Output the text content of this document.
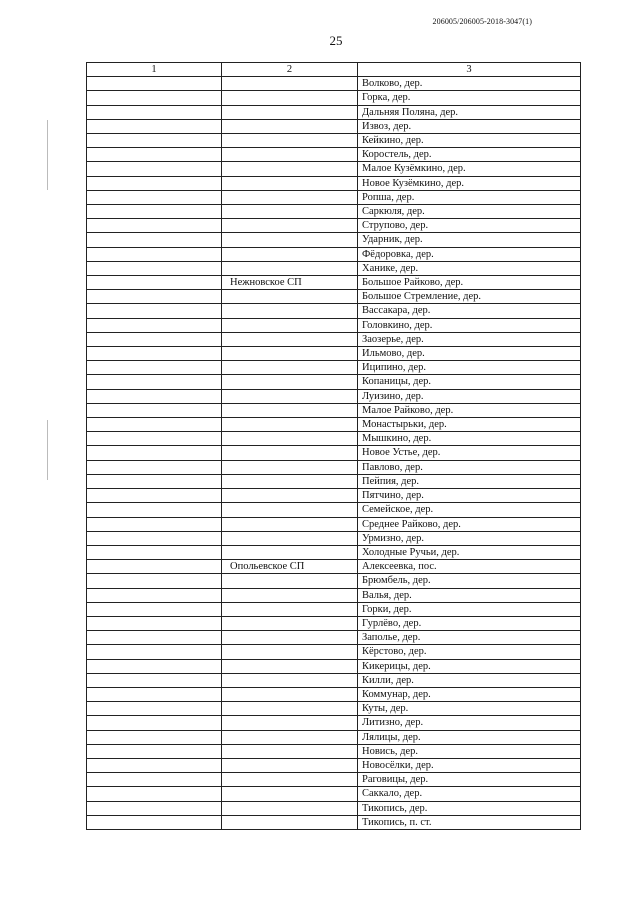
206005/206005-2018-3047(1)
25
1	2	3
		Волково, дер.
		Горка, дер.
		Дальняя Поляна, дер.
		Извоз, дер.
		Кейкино, дер.
		Коростель, дер.
		Малое Кузёмкино, дер.
		Новое Кузёмкино, дер.
		Ропша, дер.
		Саркюля, дер.
		Струпово, дер.
		Ударник, дер.
		Фёдоровка, дер.
		Ханике, дер.
	Нежновское СП	Большое Райково, дер.
		Большое Стремление, дер.
		Вассакара, дер.
		Головкино, дер.
		Заозерье, дер.
		Ильмово, дер.
		Иципино, дер.
		Копаницы, дер.
		Луизино, дер.
		Малое Райково, дер.
		Монастырьки, дер.
		Мышкино, дер.
		Новое Устье, дер.
		Павлово, дер.
		Пейпия, дер.
		Пятчино, дер.
		Семейское, дер.
		Среднее Райково, дер.
		Урмизно, дер.
		Холодные Ручьи, дер.
	Опольевское СП	Алексеевка, пос.
		Брюмбель, дер.
		Валья, дер.
		Горки, дер.
		Гурлёво, дер.
		Заполье, дер.
		Кёрстово, дер.
		Кикерицы, дер.
		Килли, дер.
		Коммунар, дер.
		Куты, дер.
		Литизно, дер.
		Лялицы, дер.
		Новись, дер.
		Новосёлки, дер.
		Раговицы, дер.
		Саккало, дер.
		Тикопись, дер.
		Тикопись, п. ст.
